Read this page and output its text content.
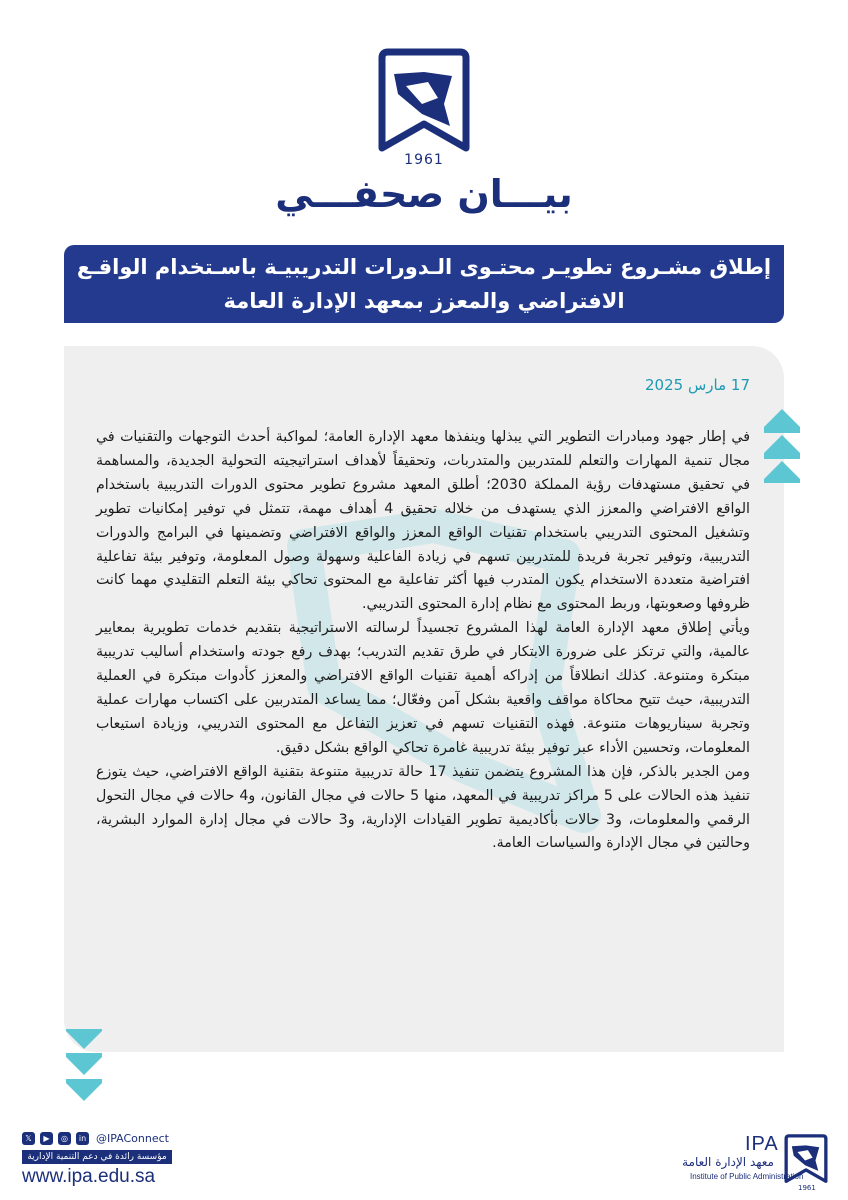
1961
بيـــان صحفـــي
إطلاق مشـروع تطويـر محتـوى الـدورات التدريبيـة باسـتخدام الواقـع
الافتراضي والمعزز بمعهد الإدارة العامة
17 مارس 2025

في إطار جهود ومبادرات التطوير التي يبذلها وينفذها معهد الإدارة العامة؛ لمواكبة أحدث التوجهات والتقنيات في مجال تنمية المهارات والتعلم للمتدربين والمتدربات، وتحقيقاً لأهداف استراتيجيته التحولية الجديدة، والمساهمة في تحقيق مستهدفات رؤية المملكة 2030؛ أطلق المعهد مشروع تطوير محتوى الدورات التدريبية باستخدام الواقع الافتراضي والمعزز الذي يستهدف من خلاله تحقيق 4 أهداف مهمة، تتمثل في توفير إمكانيات تطوير وتشغيل المحتوى التدريبي باستخدام تقنيات الواقع المعزز والواقع الافتراضي وتضمينها في البرامج والدورات التدريبية، وتوفير تجربة فريدة للمتدربين تسهم في زيادة الفاعلية وسهولة وصول المعلومة، وتوفير بيئة تفاعلية افتراضية متعددة الاستخدام يكون المتدرب فيها أكثر تفاعلية مع المحتوى تحاكي بيئة التعلم التقليدي مهما كانت ظروفها وصعوبتها، وربط المحتوى مع نظام إدارة المحتوى التدريبي.

ويأتي إطلاق معهد الإدارة العامة لهذا المشروع تجسيداً لرسالته الاستراتيجية بتقديم خدمات تطويرية بمعايير عالمية، والتي ترتكز على ضرورة الابتكار في طرق تقديم التدريب؛ بهدف رفع جودته واستخدام أساليب تدريبية مبتكرة ومتنوعة. كذلك انطلاقاً من إدراكه أهمية تقنيات الواقع الافتراضي والمعزز كأدوات مبتكرة في العملية التدريبية، حيث تتيح محاكاة مواقف واقعية بشكل آمن وفعّال؛ مما يساعد المتدربين على اكتساب مهارات عملية وتجربة سيناريوهات متنوعة. فهذه التقنيات تسهم في تعزيز التفاعل مع المحتوى التدريبي، وزيادة استيعاب المعلومات، وتحسين الأداء عبر توفير بيئة تدريبية غامرة تحاكي الواقع بشكل دقيق.

ومن الجدير بالذكر، فإن هذا المشروع يتضمن تنفيذ 17 حالة تدريبية متنوعة بتقنية الواقع الافتراضي، حيث يتوزع تنفيذ هذه الحالات على 5 مراكز تدريبية في المعهد، منها 5 حالات في مجال القانون، و4 حالات في مجال التحول الرقمي والمعلومات، و3 حالات بأكاديمية تطوير القيادات الإدارية، و3 حالات في مجال إدارة الموارد البشرية، وحالتين في مجال الإدارة والسياسات العامة.

𝕏	▶	◎	in @IPAConnect
مؤسسة رائدة في دعم التنمية الإدارية
www.ipa.edu.sa
IPA
معهد الإدارة العامة
Institute of Public Administration
1961
